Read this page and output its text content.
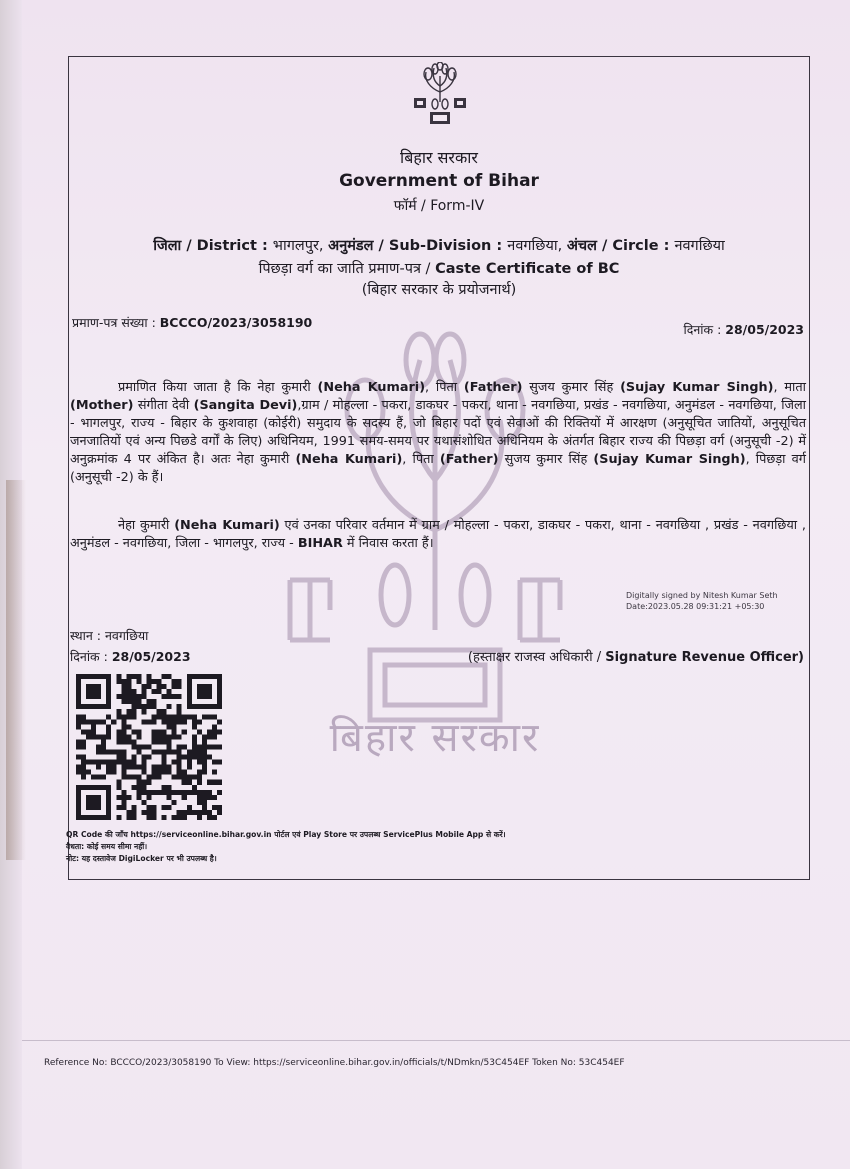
बिहार सरकार
बिहार सरकार
Government of Bihar
फॉर्म / Form-IV
जिला / District : भागलपुर, अनुमंडल / Sub-Division : नवगछिया, अंचल / Circle : नवगछिया
पिछड़ा वर्ग का जाति प्रमाण-पत्र / Caste Certificate of BC
(बिहार सरकार के प्रयोजनार्थ)
प्रमाण-पत्र संख्या : BCCCO/2023/3058190	दिनांक : 28/05/2023
प्रमाणित किया जाता है कि नेहा कुमारी (Neha Kumari), पिता (Father) सुजय कुमार सिंह (Sujay Kumar Singh), माता (Mother) संगीता देवी (Sangita Devi),ग्राम / मोहल्ला - पकरा, डाकघर - पकरा, थाना - नवगछिया, प्रखंड - नवगछिया, अनुमंडल - नवगछिया, जिला - भागलपुर, राज्य - बिहार के कुशवाहा (कोईरी) समुदाय के सदस्य हैं, जो बिहार पदों एवं सेवाओं की रिक्तियों में आरक्षण (अनुसूचित जातियों, अनुसूचित जनजातियों एवं अन्य पिछडे वर्गों के लिए) अधिनियम, 1991 समय-समय पर यथासंशोधित अधिनियम के अंतर्गत बिहार राज्य की पिछड़ा वर्ग (अनुसूची -2) में अनुक्रमांक 4 पर अंकित है। अतः नेहा कुमारी (Neha Kumari), पिता (Father) सुजय कुमार सिंह (Sujay Kumar Singh), पिछड़ा वर्ग (अनुसूची -2) के हैं।
नेहा कुमारी (Neha Kumari) एवं उनका परिवार वर्तमान में ग्राम / मोहल्ला - पकरा, डाकघर - पकरा, थाना - नवगछिया , प्रखंड - नवगछिया , अनुमंडल - नवगछिया, जिला - भागलपुर, राज्य - BIHAR में निवास करता हैं।
Digitally signed by Nitesh Kumar Seth
Date:2023.05.28 09:31:21 +05:30
स्थान : नवगछिया
दिनांक : 28/05/2023	(हस्ताक्षर राजस्व अधिकारी / Signature Revenue Officer)
QR Code की जाँच https://serviceonline.bihar.gov.in पोर्टल एवं Play Store पर उपलब्ध ServicePlus Mobile App से करें।
वैधता: कोई समय सीमा नहीं।
नोट: यह दस्तावेज DigiLocker पर भी उपलब्ध है।
Reference No: BCCCO/2023/3058190 To View: https://serviceonline.bihar.gov.in/officials/t/NDmkn/53C454EF Token No: 53C454EF
